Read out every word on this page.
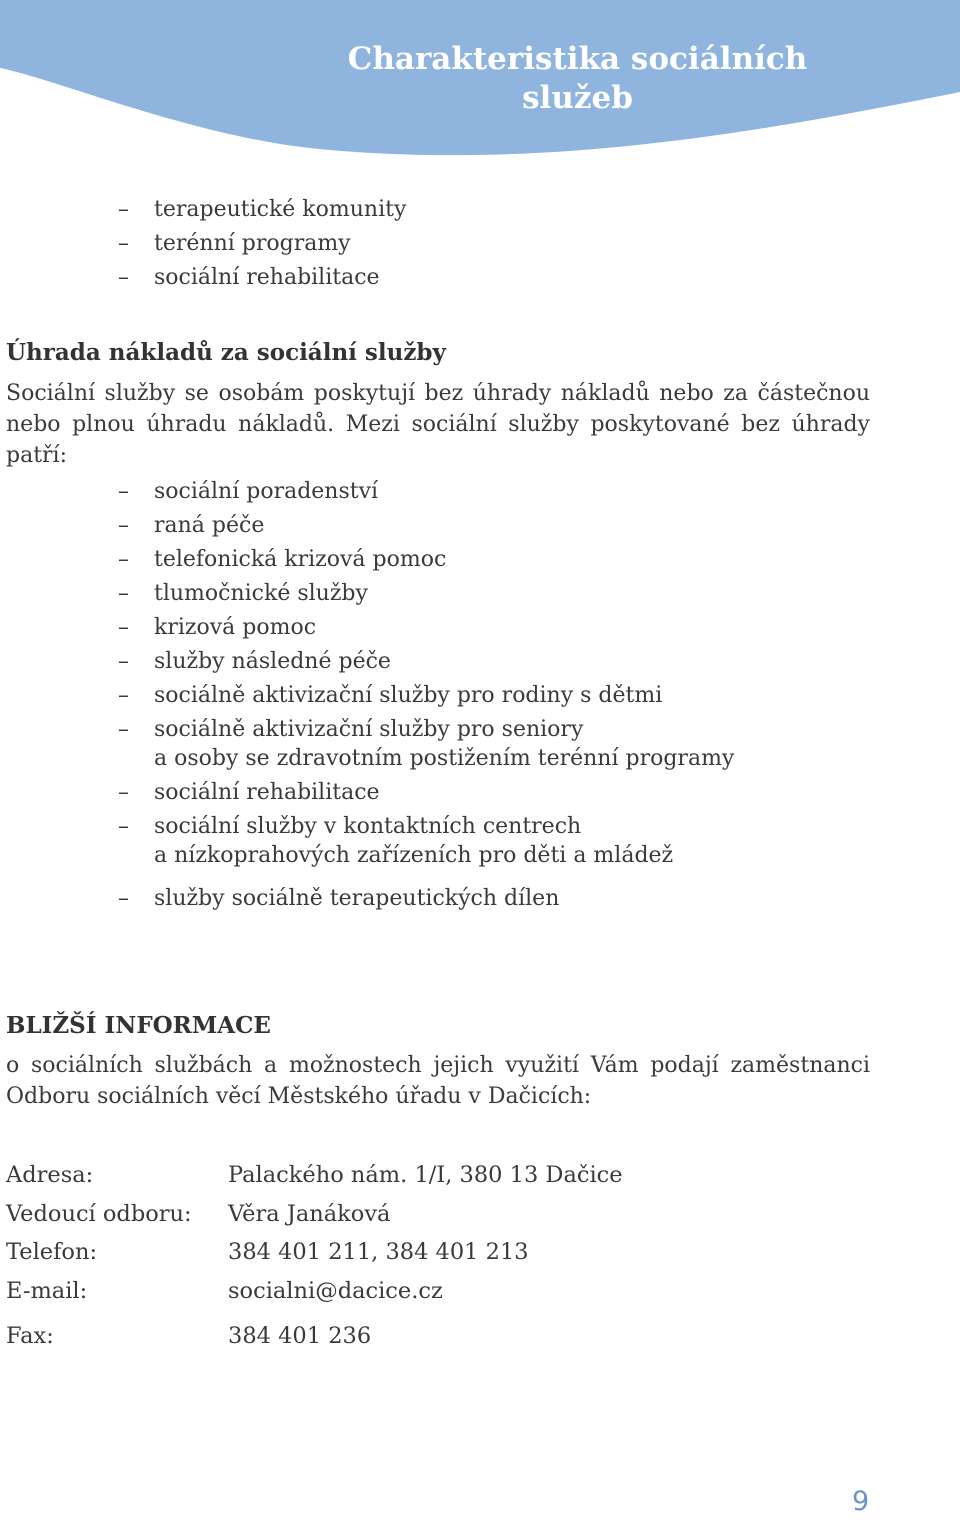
Charakteristika sociálních služeb
– terapeutické komunity
– terénní programy
– sociální rehabilitace
Úhrada nákladů za sociální služby

Sociální služby se osobám poskytují bez úhrady nákladů nebo za částečnou nebo plnou úhradu nákladů. Mezi sociální služby poskytované bez úhrady patří:

– sociální poradenství
– raná péče
– telefonická krizová pomoc
– tlumočnické služby
– krizová pomoc
– služby následné péče
– sociálně aktivizační služby pro rodiny s dětmi
– sociálně aktivizační služby pro seniory
a osoby se zdravotním postižením terénní programy
– sociální rehabilitace
– sociální služby v kontaktních centrech
a nízkoprahových zařízeních pro děti a mládež
– služby sociálně terapeutických dílen
BLIŽŠÍ INFORMACE

o sociálních službách a možnostech jejich využití Vám podají zaměstnanci Odboru sociálních věcí Městského úřadu v Dačicích:

Adresa:	Palackého nám. 1/I, 380 13 Dačice
Vedoucí odboru: Věra Janáková
Telefon:	384 401 211, 384 401 213
E-mail:	socialni@dacice.cz
Fax:	384 401 236
9
